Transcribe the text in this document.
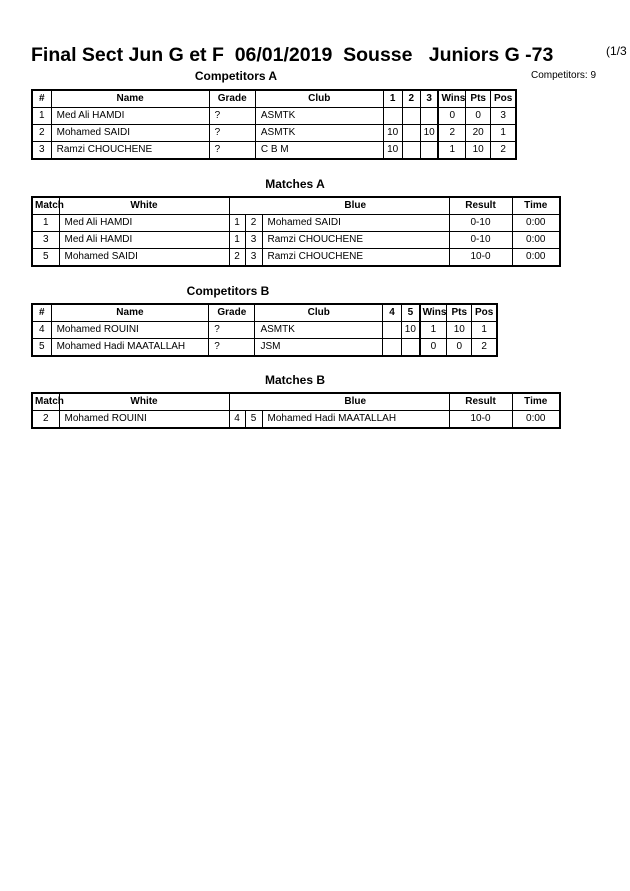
Final Sect Jun G et F  06/01/2019  Sousse   Juniors G -73	(1/3
Competitors: 9
Competitors A
#	Name	Grade	Club	1	2	3	Wins	Pts	Pos
1	Med Ali HAMDI	?	ASMTK				0	0	3
2	Mohamed SAIDI	?	ASMTK	10		10	2	20	1
3	Ramzi CHOUCHENE	?	C B M	10			1	10	2
Matches A
Match	White			Blue	Result	Time
1	Med Ali HAMDI	1	2	Mohamed SAIDI	0-10	0:00
3	Med Ali HAMDI	1	3	Ramzi CHOUCHENE	0-10	0:00
5	Mohamed SAIDI	2	3	Ramzi CHOUCHENE	10-0	0:00
Competitors B
#	Name	Grade	Club	4	5	Wins	Pts	Pos
4	Mohamed ROUINI	?	ASMTK		10	1	10	1
5	Mohamed Hadi MAATALLAH	?	JSM			0	0	2
Matches B
Match	White			Blue	Result	Time
2	Mohamed ROUINI	4	5	Mohamed Hadi MAATALLAH	10-0	0:00
